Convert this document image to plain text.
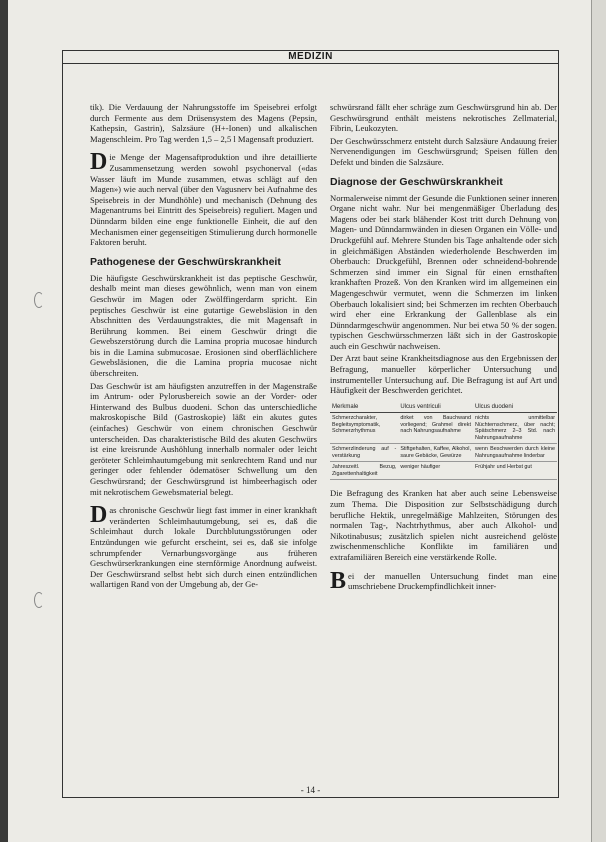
MEDIZIN

tik). Die Verdauung der Nahrungsstoffe im Speisebrei erfolgt durch Fermente aus dem Drüsensystem des Magens (Pepsin, Kathepsin, Gastrin), Salzsäure (H+-Ionen) und alkalischen Magenschleim. Pro Tag werden 1,5 – 2,5 l Magensaft produziert.

Die Menge der Magensaftproduktion und ihre detaillierte Zusammensetzung werden sowohl psychonerval («das Wasser läuft im Munde zusammen, etwas schlägt auf den Magen») wie auch nerval (über den Vagusnerv bei Aufnahme des Speisebreis in der Mundhöhle) und mechanisch (Dehnung des Magenantrums bei Eintritt des Speisebreis) reguliert. Magen und Dünndarm bilden eine enge funktionelle Einheit, die auf den Mechanismen einer gegenseitigen Stimulierung durch hormonelle Faktoren beruht.

Pathogenese der Geschwürskrankheit

Die häufigste Geschwürskrankheit ist das peptische Geschwür, deshalb meint man dieses gewöhnlich, wenn man von einem Geschwür im Magen oder Zwölffingerdarm spricht. Ein peptisches Geschwür ist eine gutartige Gewebsläsion in den Abschnitten des Verdauungstraktes, die mit Magensaft in Berührung kommen. Bei einem Geschwür dringt die Gewebszerstörung durch die Lamina propria mucosae hindurch bis in die Lamina submucosae. Erosionen sind oberflächlichere Gewebsläsionen, die die Lamina propria mucosae nicht überschreiten.

Das Geschwür ist am häufigsten anzutreffen in der Magenstraße im Antrum- oder Pylorusbereich sowie an der Vorder- oder Hinterwand des Bulbus duodeni. Schon das unterschiedliche makroskopische Bild (Gastroskopie) läßt ein akutes gutes (einfaches) Geschwür von einem chronischen Geschwür unterscheiden. Das charakteristische Bild des akuten Geschwürs ist eine kreisrunde Aushöhlung innerhalb normaler oder leicht geröteter Schleimhautumgebung mit senkrechtem Rand und nur geringer oder fehlender ödematöser Schwellung um den Geschwürsrand; der Geschwürsgrund ist himbeerhagisch oder mit nekrotischem Gewebsmaterial belegt.

Das chronische Geschwür liegt fast immer in einer krankhaft veränderten Schleimhautumgebung, sei es, daß die Schleimhaut durch lokale Durchblutungsstörungen oder Entzündungen wie gefurcht erscheint, sei es, daß sie infolge schrumpfender Vernarbungsvorgänge aus früheren Geschwürserkrankungen eine sternförmige Anordnung aufweist. Der Geschwürsrand selbst hebt sich durch einen entzündlichen wallartigen Rand von der Umgebung ab, der Ge-

schwürsrand fällt eher schräge zum Geschwürsgrund hin ab. Der Geschwürsgrund enthält meistens nekrotisches Zellmaterial, Fibrin, Leukozyten.

Der Geschwürsschmerz entsteht durch Salzsäure Andauung freier Nervenendigungen im Geschwürsgrund; Speisen füllen den Defekt und binden die Salzsäure.

Diagnose der Geschwürskrankheit

Normalerweise nimmt der Gesunde die Funktionen seiner inneren Organe nicht wahr. Nur bei mengenmäßiger Überladung des Magens oder bei stark blähender Kost tritt durch Dehnung von Magen- und Dünndarmwänden in diesen Organen ein Völle- und Druckgefühl auf. Mehrere Stunden bis Tage anhaltende oder sich in gleichmäßigen Abständen wiederholende Beschwerden im Oberbauch: Druckgefühl, Brennen oder schneidend-bohrende Schmerzen sind immer ein Signal für einen ernsthaften krankhaften Prozeß. Von den Kranken wird im allgemeinen ein Magengeschwür vermutet, wenn die Schmerzen im linken Oberbauch lokalisiert sind; bei Schmerzen im rechten Oberbauch wird eher eine Erkrankung der Gallenblase als ein Dünndarmgeschwür angenommen. Nur bei etwa 50 % der sogen. typischen Geschwürsschmerzen läßt sich in der Gastroskopie auch ein Geschwür nachweisen.

Der Arzt baut seine Krankheitsdiagnose aus den Ergebnissen der Befragung, manueller körperlicher Untersuchung und instrumenteller Untersuchung auf. Die Befragung ist auf Art und Häufigkeit der Beschwerden gerichtet.

Merkmale	Ulcus ventriculi	Ulcus duodeni
Schmerzcharakter, Begleitsymptomatik, Schmerzrhythmus	dirket von Bauchwand vorliegend; Grahmel direkt nach Nahrungsaufnahme	nichts unmittelbar Nüchternschmerz, über nacht; Spätschmerz 2–3 Std. nach Nahrungsaufnahme
Schmerzlinderung auf -verstärkung	Stiftgehalten, Kaffee, Alkohol, saure Gebäcke, Gewürze	wenn Beschwerden durch kleine Nahrungsaufnahme linderbar
Jahreszeitl. Bezug, Zigarettenhaltigkeit	weniger häufiger	Frühjahr und Herbst gut

Die Befragung des Kranken hat aber auch seine Lebensweise zum Thema. Die Disposition zur Selbstschädigung durch berufliche Hektik, unregelmäßige Mahlzeiten, Störungen des normalen Tag-, Nachtrhythmus, aber auch Alkohol- und Nikotinabusus; zusätzlich spielen nicht ausreichend gelöste zwischenmenschliche Konflikte im familiären und extrafamiliären Bereich eine verstärkende Rolle.

Bei der manuellen Untersuchung findet man eine umschriebene Druckempfindlichkeit inner-

- 14 -
